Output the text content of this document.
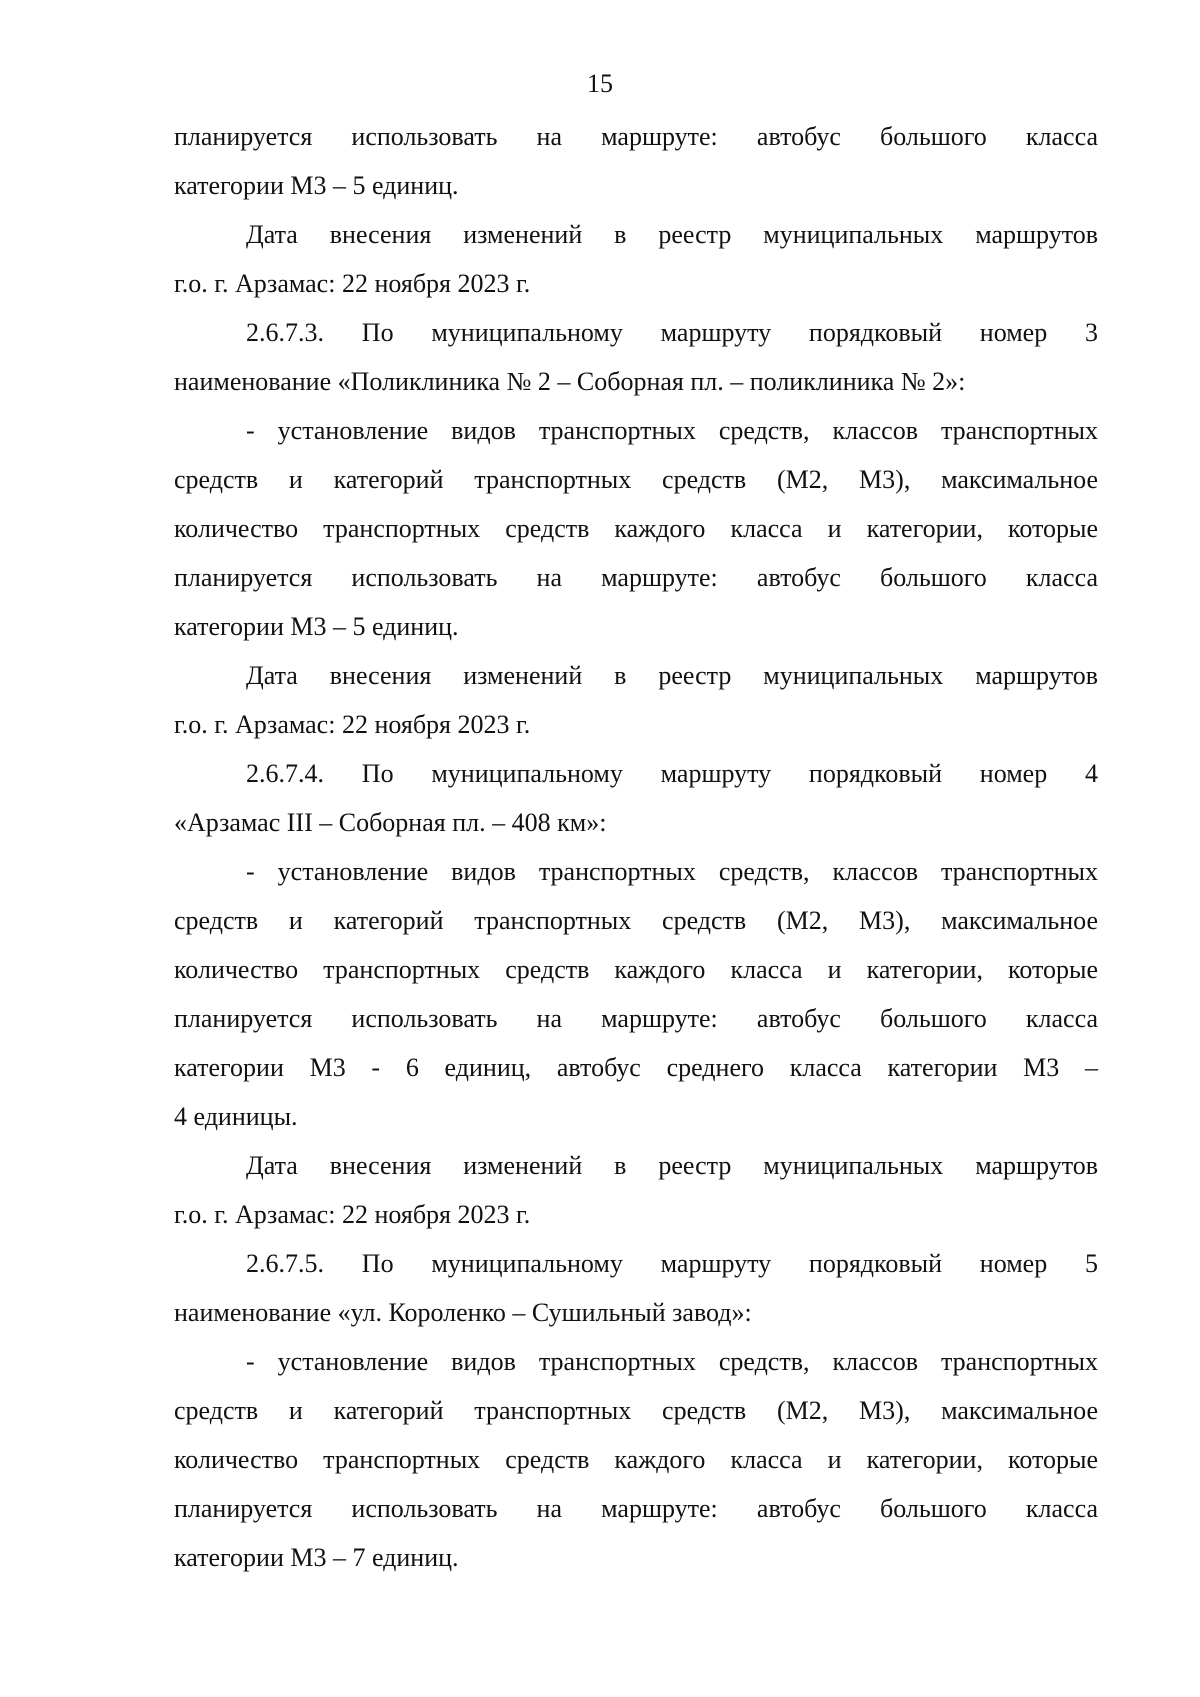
15
планируется использовать на маршруте: автобус большого класса
категории М3 – 5 единиц.
Дата внесения изменений в реестр муниципальных маршрутов
г.о. г. Арзамас: 22 ноября 2023 г.
2.6.7.3. По муниципальному маршруту порядковый номер 3
наименование «Поликлиника № 2 – Соборная пл. – поликлиника № 2»:
- установление видов транспортных средств, классов транспортных
средств и категорий транспортных средств (М2, М3), максимальное
количество транспортных средств каждого класса и категории, которые
планируется использовать на маршруте: автобус большого класса
категории М3 – 5 единиц.
Дата внесения изменений в реестр муниципальных маршрутов
г.о. г. Арзамас: 22 ноября 2023 г.
2.6.7.4. По муниципальному маршруту порядковый номер 4
«Арзамас III – Соборная пл. – 408 км»:
- установление видов транспортных средств, классов транспортных
средств и категорий транспортных средств (М2, М3), максимальное
количество транспортных средств каждого класса и категории, которые
планируется использовать на маршруте: автобус большого класса
категории М3 - 6 единиц, автобус среднего класса категории М3 –
4 единицы.
Дата внесения изменений в реестр муниципальных маршрутов
г.о. г. Арзамас: 22 ноября 2023 г.
2.6.7.5. По муниципальному маршруту порядковый номер 5
наименование «ул. Короленко – Сушильный завод»:
- установление видов транспортных средств, классов транспортных
средств и категорий транспортных средств (М2, М3), максимальное
количество транспортных средств каждого класса и категории, которые
планируется использовать на маршруте: автобус большого класса
категории М3 – 7 единиц.
